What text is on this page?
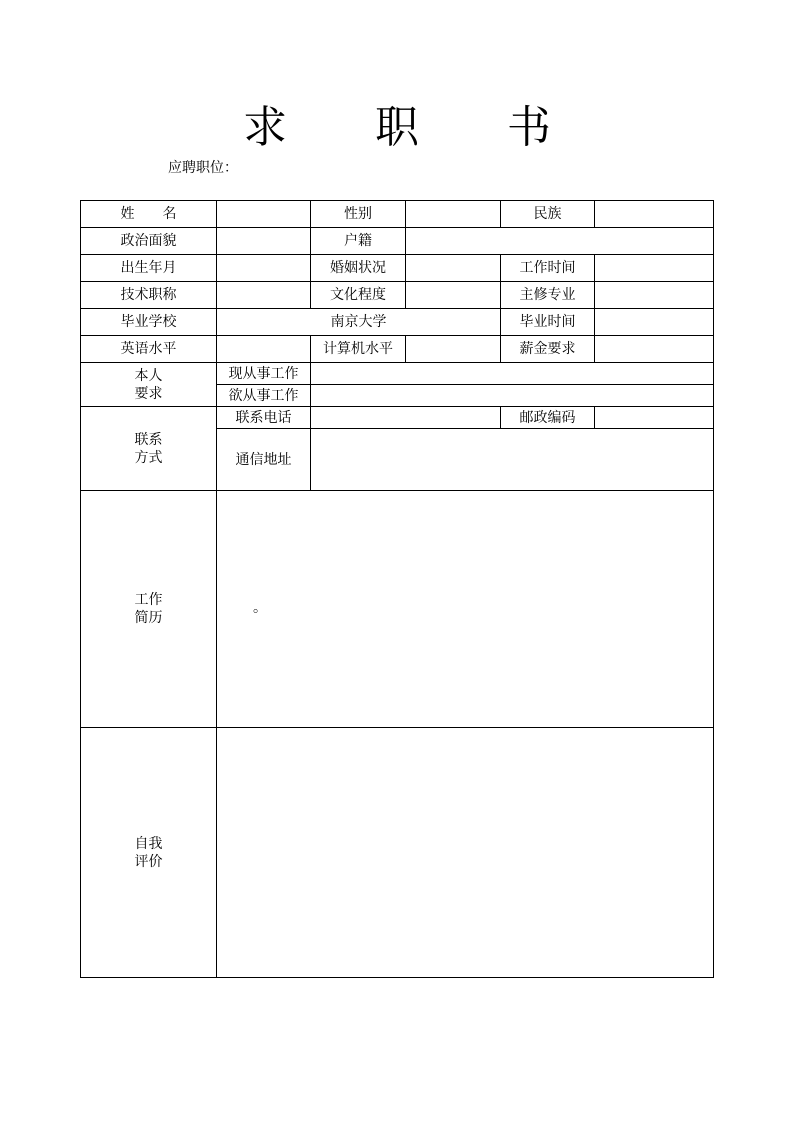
求 职 书
应聘职位：
姓　　名		性别		民族	
政治面貌		户籍			
出生年月		婚姻状况		工作时间	
技术职称		文化程度		主修专业	
毕业学校	南京大学			毕业时间	
英语水平		计算机水平		薪金要求	

本人
要求	现从事工作				
	欲从事工作				

联系
方式	联系电话			邮政编码	
	通信地址				

工作
简历	。				

自我
评价					
